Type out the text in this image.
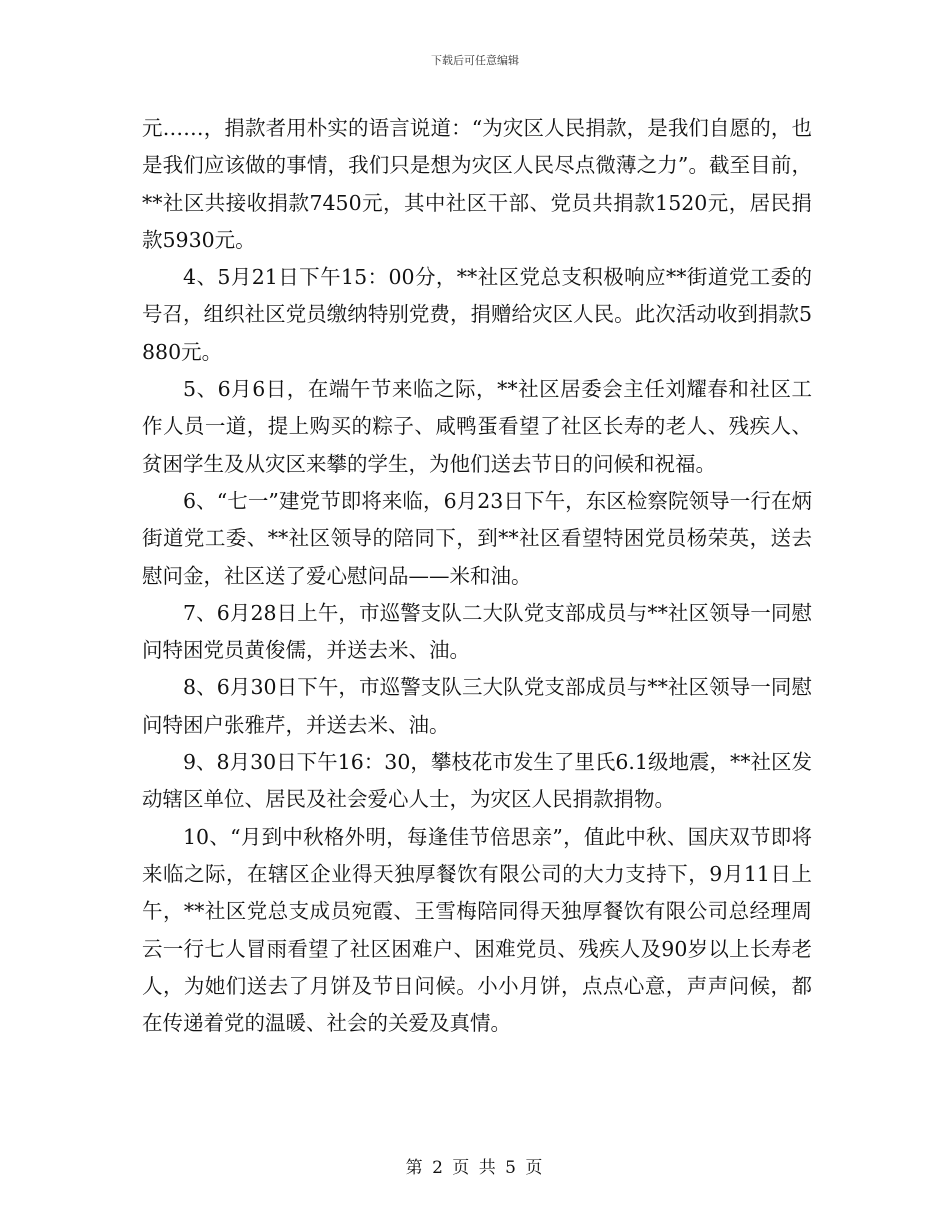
下载后可任意编辑

元……，捐款者用朴实的语言说道：“为灾区人民捐款，是我们自愿的，也是我们应该做的事情，我们只是想为灾区人民尽点微薄之力”。截至目前，**社区共接收捐款7450元，其中社区干部、党员共捐款1520元，居民捐款5930元。

4、5月21日下午15：00分，**社区党总支积极响应**街道党工委的号召，组织社区党员缴纳特别党费，捐赠给灾区人民。此次活动收到捐款5880元。

5、6月6日，在端午节来临之际，**社区居委会主任刘耀春和社区工作人员一道，提上购买的粽子、咸鸭蛋看望了社区长寿的老人、残疾人、贫困学生及从灾区来攀的学生，为他们送去节日的问候和祝福。

6、“七一”建党节即将来临，6月23日下午，东区检察院领导一行在炳街道党工委、**社区领导的陪同下，到**社区看望特困党员杨荣英，送去慰问金，社区送了爱心慰问品——米和油。

7、6月28日上午，市巡警支队二大队党支部成员与**社区领导一同慰问特困党员黄俊儒，并送去米、油。

8、6月30日下午，市巡警支队三大队党支部成员与**社区领导一同慰问特困户张雅芹，并送去米、油。

9、8月30日下午16：30，攀枝花市发生了里氏6.1级地震，**社区发动辖区单位、居民及社会爱心人士，为灾区人民捐款捐物。

10、“月到中秋格外明，每逢佳节倍思亲”，值此中秋、国庆双节即将来临之际，在辖区企业得天独厚餐饮有限公司的大力支持下，9月11日上午，**社区党总支成员宛霞、王雪梅陪同得天独厚餐饮有限公司总经理周云一行七人冒雨看望了社区困难户、困难党员、残疾人及90岁以上长寿老人，为她们送去了月饼及节日问候。小小月饼，点点心意，声声问候，都在传递着党的温暖、社会的关爱及真情。

第 2 页 共 5 页
